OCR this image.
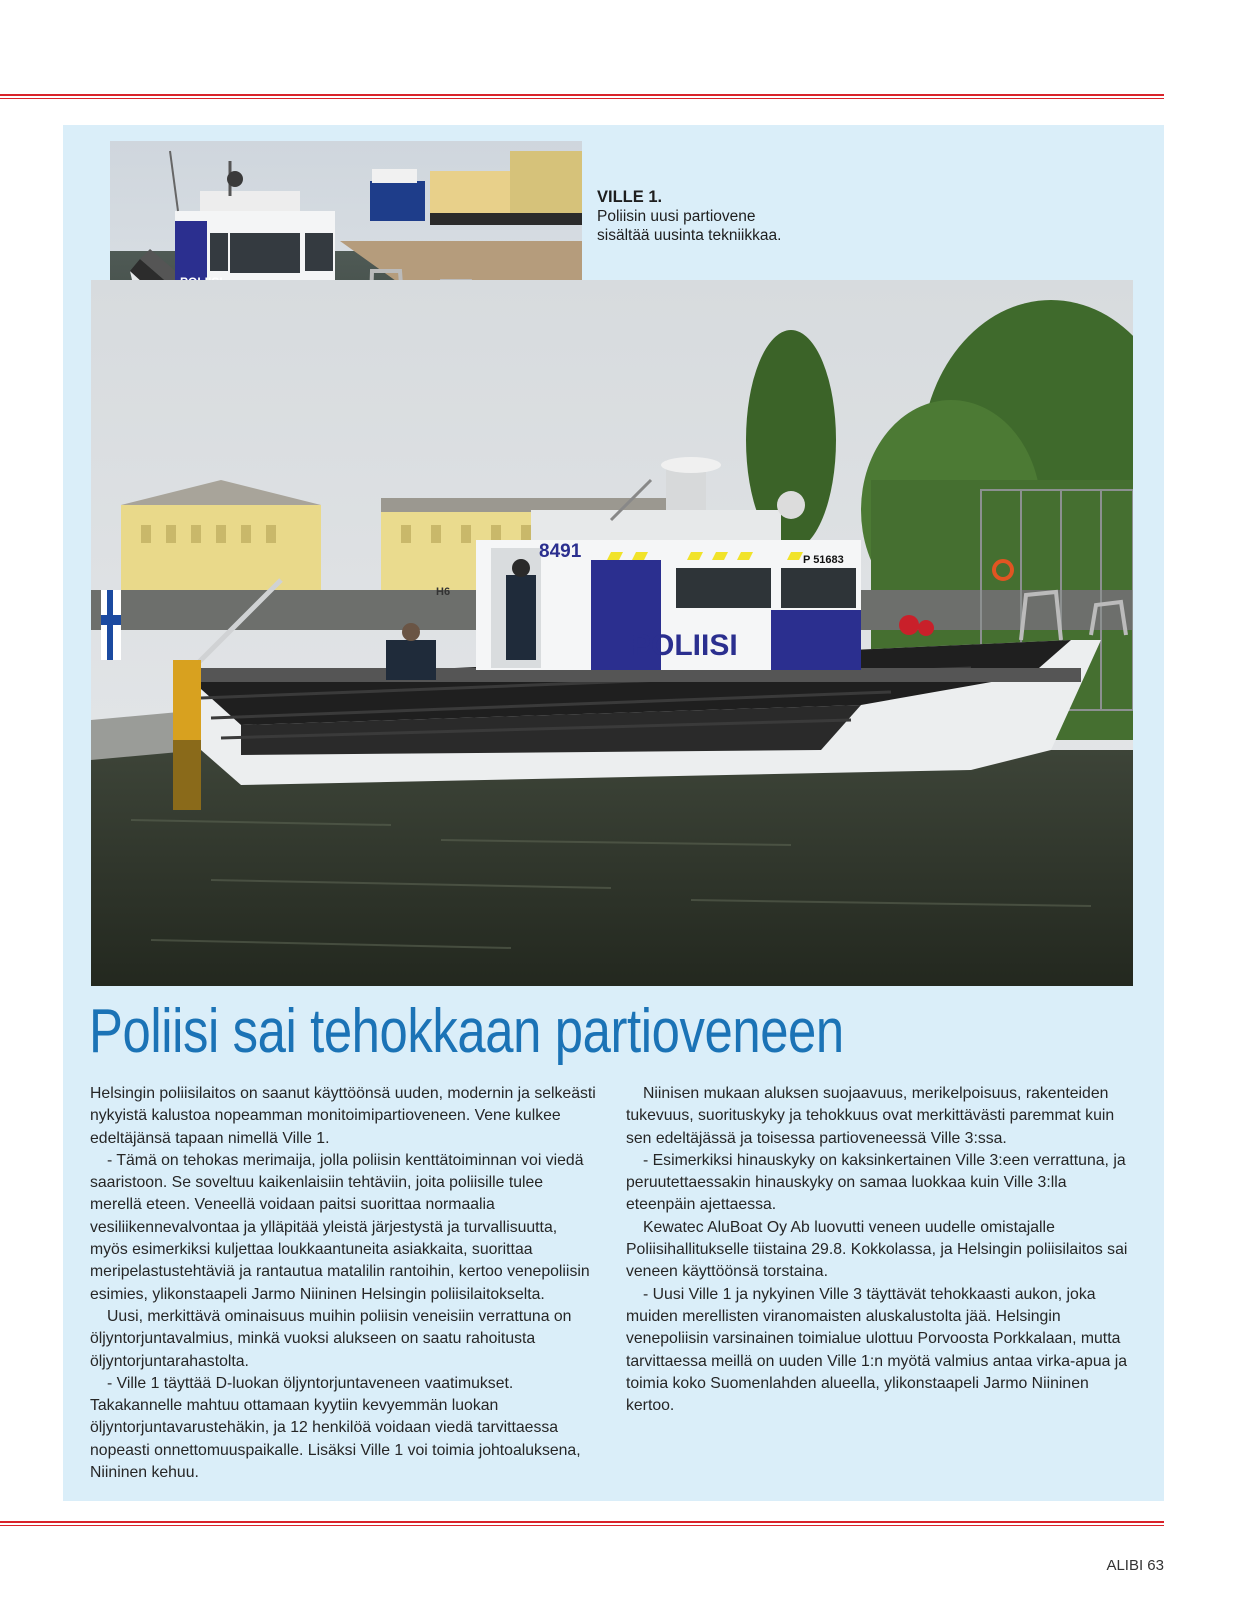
VILLE 1.
Poliisin uusi partiovene sisältää uusinta tekniikkaa.
8491	P 51683
POLIISI
H6
Poliisi sai tehokkaan partioveneen

Helsingin poliisilaitos on saanut käyttöönsä uuden, modernin ja selkeästi nykyistä kalustoa nopeamman monitoimipartioveneen. Vene kulkee edeltäjänsä tapaan nimellä Ville 1.

- Tämä on tehokas merimaija, jolla poliisin kenttätoiminnan voi viedä saaristoon. Se soveltuu kaikenlaisiin tehtäviin, joita poliisille tulee merellä eteen. Veneellä voidaan paitsi suorittaa normaalia vesiliikennevalvontaa ja ylläpitää yleistä järjestystä ja turvallisuutta, myös esimerkiksi kuljettaa loukkaantuneita asiakkaita, suorittaa meripelastustehtäviä ja rantautua matalilin rantoihin, kertoo venepoliisin esimies, ylikonstaapeli Jarmo Niininen Helsingin poliisilaitokselta.

Uusi, merkittävä ominaisuus muihin poliisin veneisiin verrattuna on öljyntorjuntavalmius, minkä vuoksi alukseen on saatu rahoitusta öljyntorjuntarahastolta.

- Ville 1 täyttää D-luokan öljyntorjuntaveneen vaatimukset. Takakannelle mahtuu ottamaan kyytiin kevyemmän luokan öljyntorjuntavarustehäkin, ja 12 henkilöä voidaan viedä tarvittaessa nopeasti onnettomuuspaikalle. Lisäksi Ville 1 voi toimia johtoaluksena, Niininen kehuu.

Niinisen mukaan aluksen suojaavuus, merikelpoisuus, rakenteiden tukevuus, suorituskyky ja tehokkuus ovat merkittävästi paremmat kuin sen edeltäjässä ja toisessa partioveneessä Ville 3:ssa.

- Esimerkiksi hinauskyky on kaksinkertainen Ville 3:een verrattuna, ja peruutettaessakin hinauskyky on samaa luokkaa kuin Ville 3:lla eteenpäin ajettaessa.

Kewatec AluBoat Oy Ab luovutti veneen uudelle omistajalle Poliisihallitukselle tiistaina 29.8. Kokkolassa, ja Helsingin poliisilaitos sai veneen käyttöönsä torstaina.

- Uusi Ville 1 ja nykyinen Ville 3 täyttävät tehokkaasti aukon, joka muiden merellisten viranomaisten aluskalustolta jää. Helsingin venepoliisin varsinainen toimialue ulottuu Porvoosta Porkkalaan, mutta tarvittaessa meillä on uuden Ville 1:n myötä valmius antaa virka-apua ja toimia koko Suomenlahden alueella, ylikonstaapeli Jarmo Niininen kertoo.

ALIBI 63
